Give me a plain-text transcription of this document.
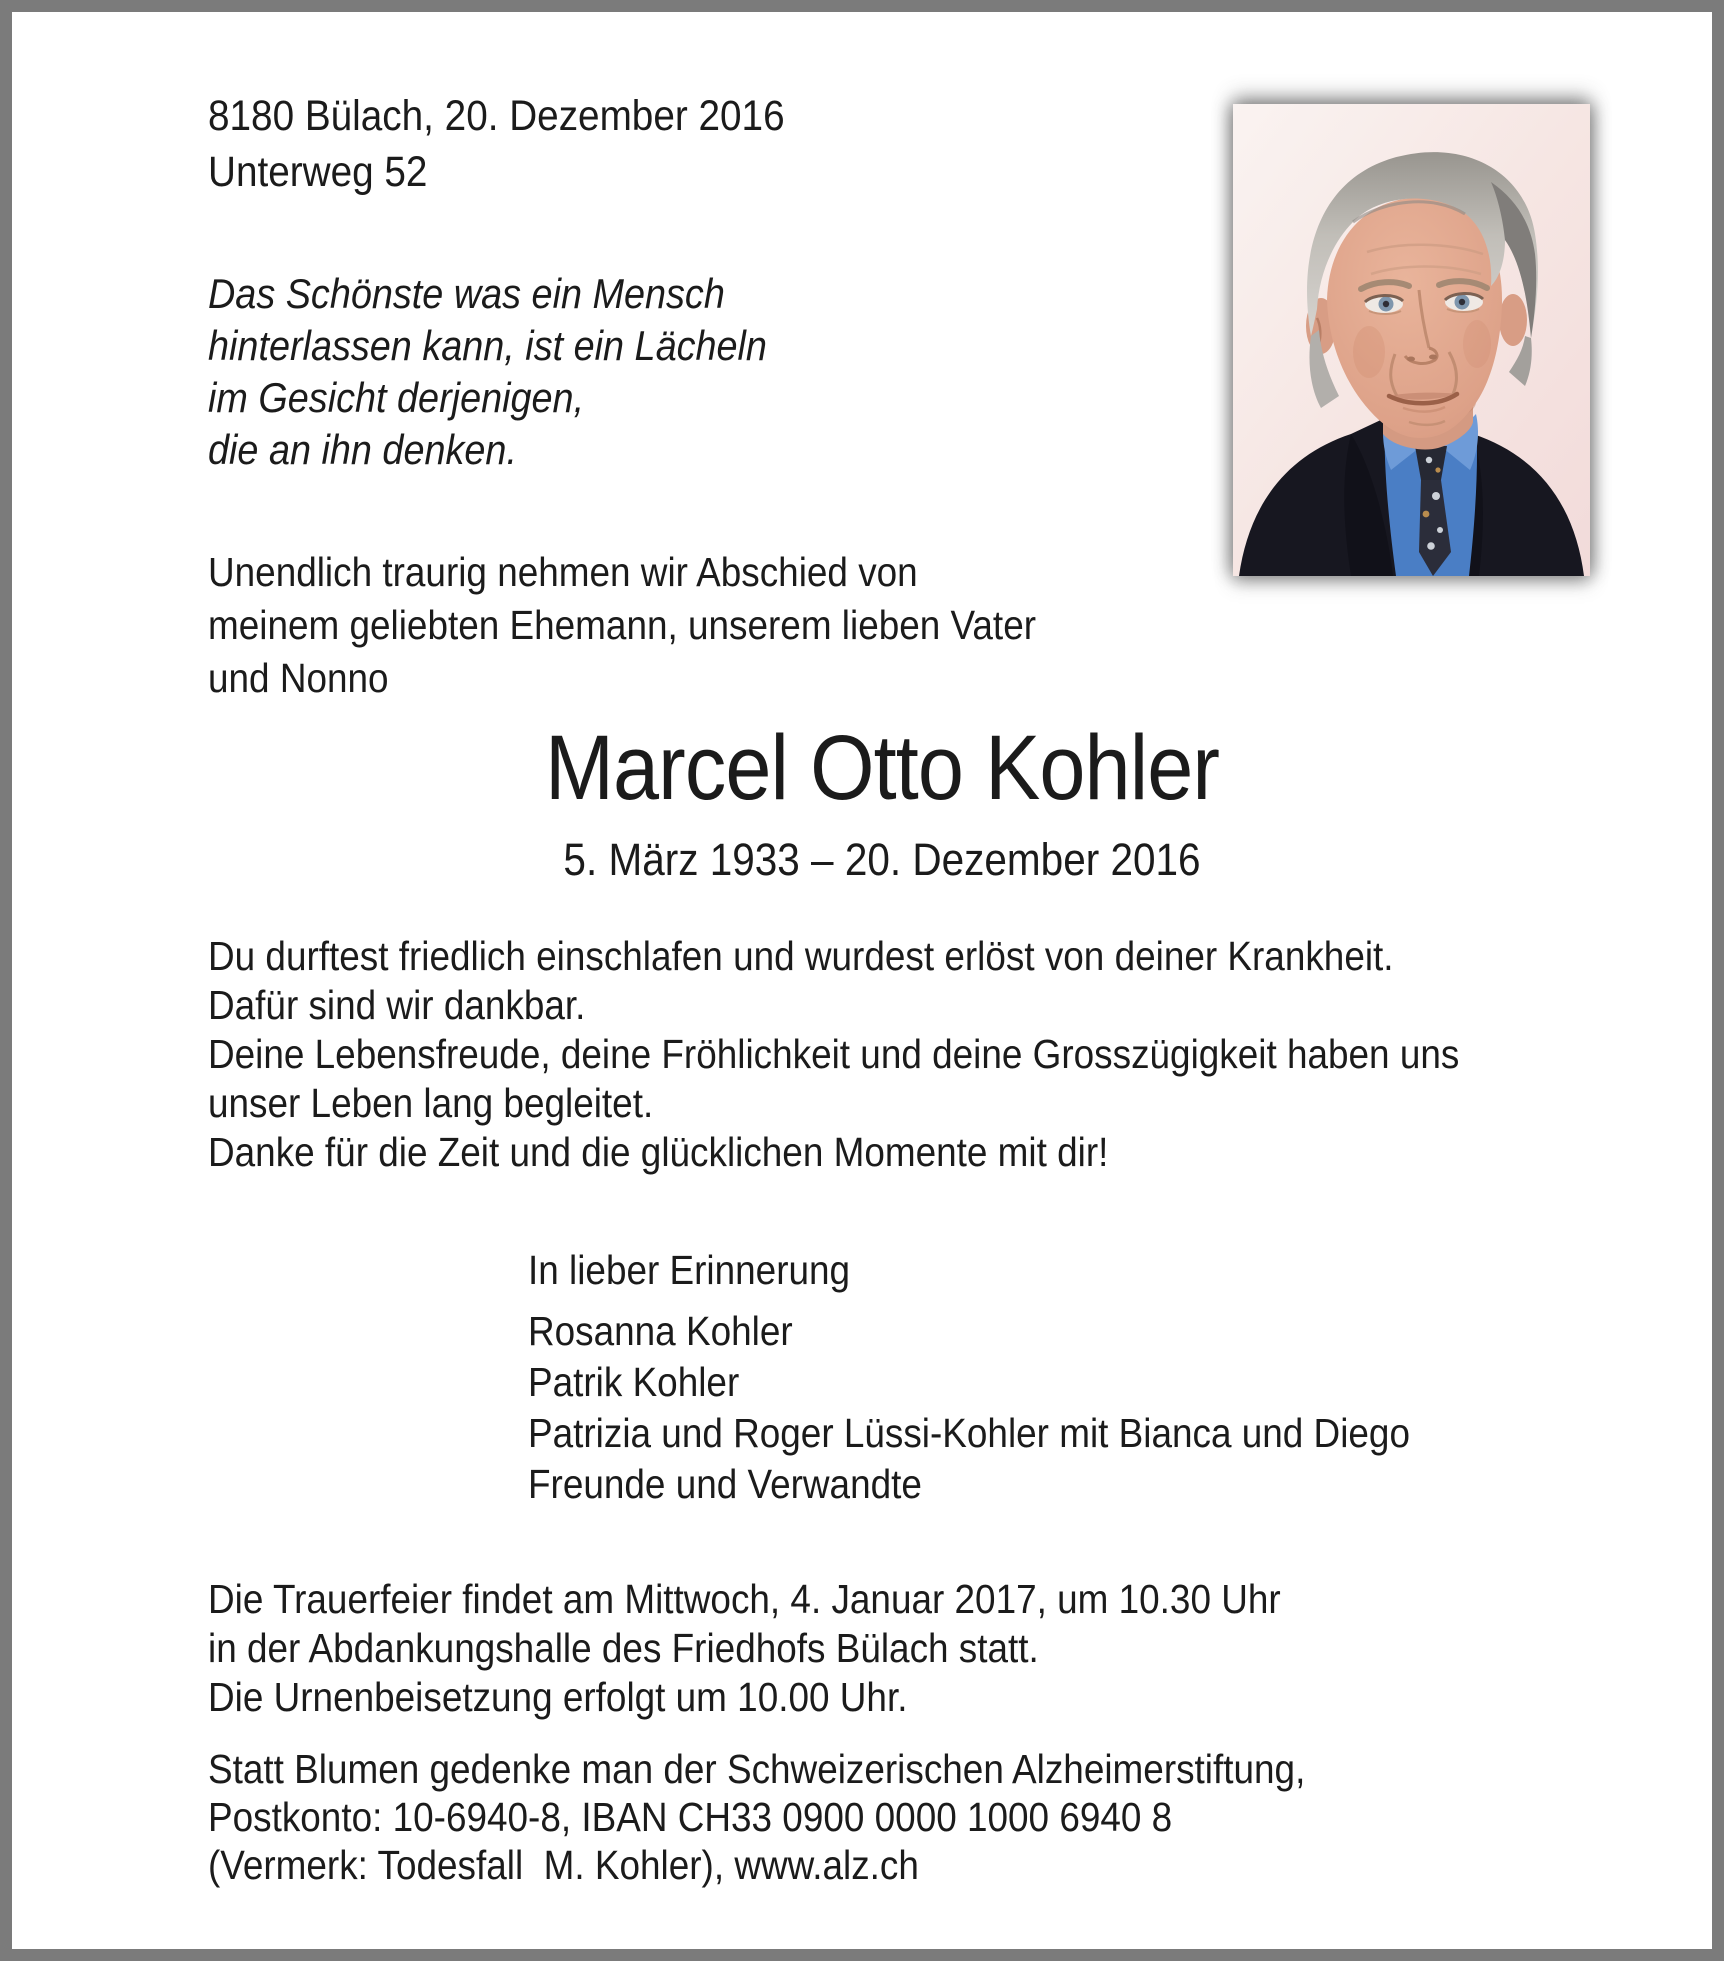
8180 Bülach, 20. Dezember 2016
Unterweg 52
Das Schönste was ein Mensch
hinterlassen kann, ist ein Lächeln
im Gesicht derjenigen,
die an ihn denken.
Unendlich traurig nehmen wir Abschied von
meinem geliebten Ehemann, unserem lieben Vater
und Nonno
Marcel Otto Kohler
5. März 1933 – 20. Dezember 2016
Du durftest friedlich einschlafen und wurdest erlöst von deiner Krankheit.
Dafür sind wir dankbar.
Deine Lebensfreude, deine Fröhlichkeit und deine Grosszügigkeit haben uns
unser Leben lang begleitet.
Danke für die Zeit und die glücklichen Momente mit dir!
In lieber Erinnerung
Rosanna Kohler
Patrik Kohler
Patrizia und Roger Lüssi-Kohler mit Bianca und Diego
Freunde und Verwandte
Die Trauerfeier findet am Mittwoch, 4. Januar 2017, um 10.30 Uhr
in der Abdankungshalle des Friedhofs Bülach statt.
Die Urnenbeisetzung erfolgt um 10.00 Uhr.
Statt Blumen gedenke man der Schweizerischen Alzheimerstiftung,
Postkonto: 10-6940-8, IBAN CH33 0900 0000 1000 6940 8
(Vermerk: Todesfall  M. Kohler), www.alz.ch
